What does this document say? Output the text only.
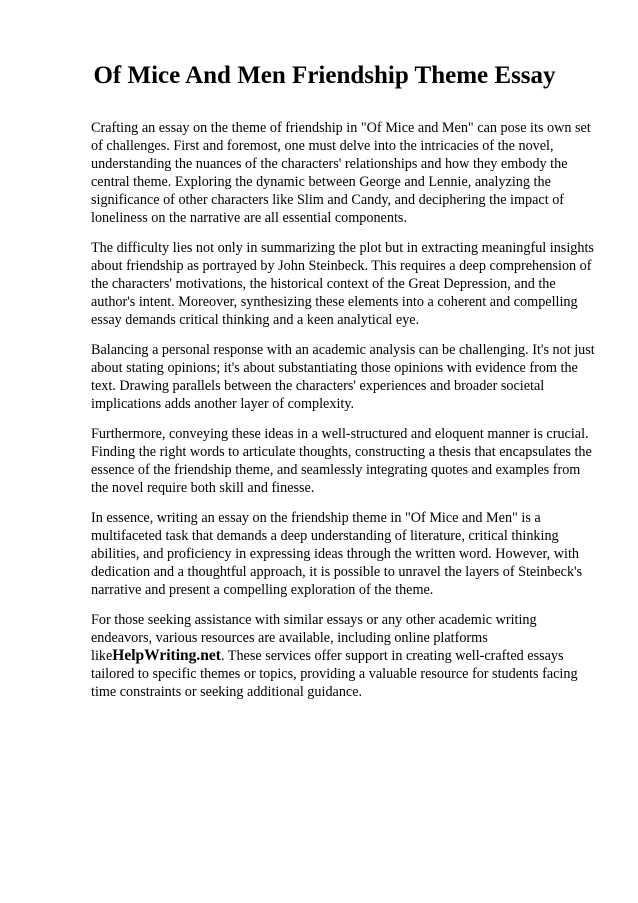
Of Mice And Men Friendship Theme Essay

Crafting an essay on the theme of friendship in "Of Mice and Men" can pose its own set of challenges. First and foremost, one must delve into the intricacies of the novel, understanding the nuances of the characters' relationships and how they embody the central theme. Exploring the dynamic between George and Lennie, analyzing the significance of other characters like Slim and Candy, and deciphering the impact of loneliness on the narrative are all essential components.

The difficulty lies not only in summarizing the plot but in extracting meaningful insights about friendship as portrayed by John Steinbeck. This requires a deep comprehension of the characters' motivations, the historical context of the Great Depression, and the author's intent. Moreover, synthesizing these elements into a coherent and compelling essay demands critical thinking and a keen analytical eye.

Balancing a personal response with an academic analysis can be challenging. It's not just about stating opinions; it's about substantiating those opinions with evidence from the text. Drawing parallels between the characters' experiences and broader societal implications adds another layer of complexity.

Furthermore, conveying these ideas in a well-structured and eloquent manner is crucial. Finding the right words to articulate thoughts, constructing a thesis that encapsulates the essence of the friendship theme, and seamlessly integrating quotes and examples from the novel require both skill and finesse.

In essence, writing an essay on the friendship theme in "Of Mice and Men" is a multifaceted task that demands a deep understanding of literature, critical thinking abilities, and proficiency in expressing ideas through the written word. However, with dedication and a thoughtful approach, it is possible to unravel the layers of Steinbeck's narrative and present a compelling exploration of the theme.

For those seeking assistance with similar essays or any other academic writing endeavors, various resources are available, including online platforms likeHelpWriting.net. These services offer support in creating well-crafted essays tailored to specific themes or topics, providing a valuable resource for students facing time constraints or seeking additional guidance.
